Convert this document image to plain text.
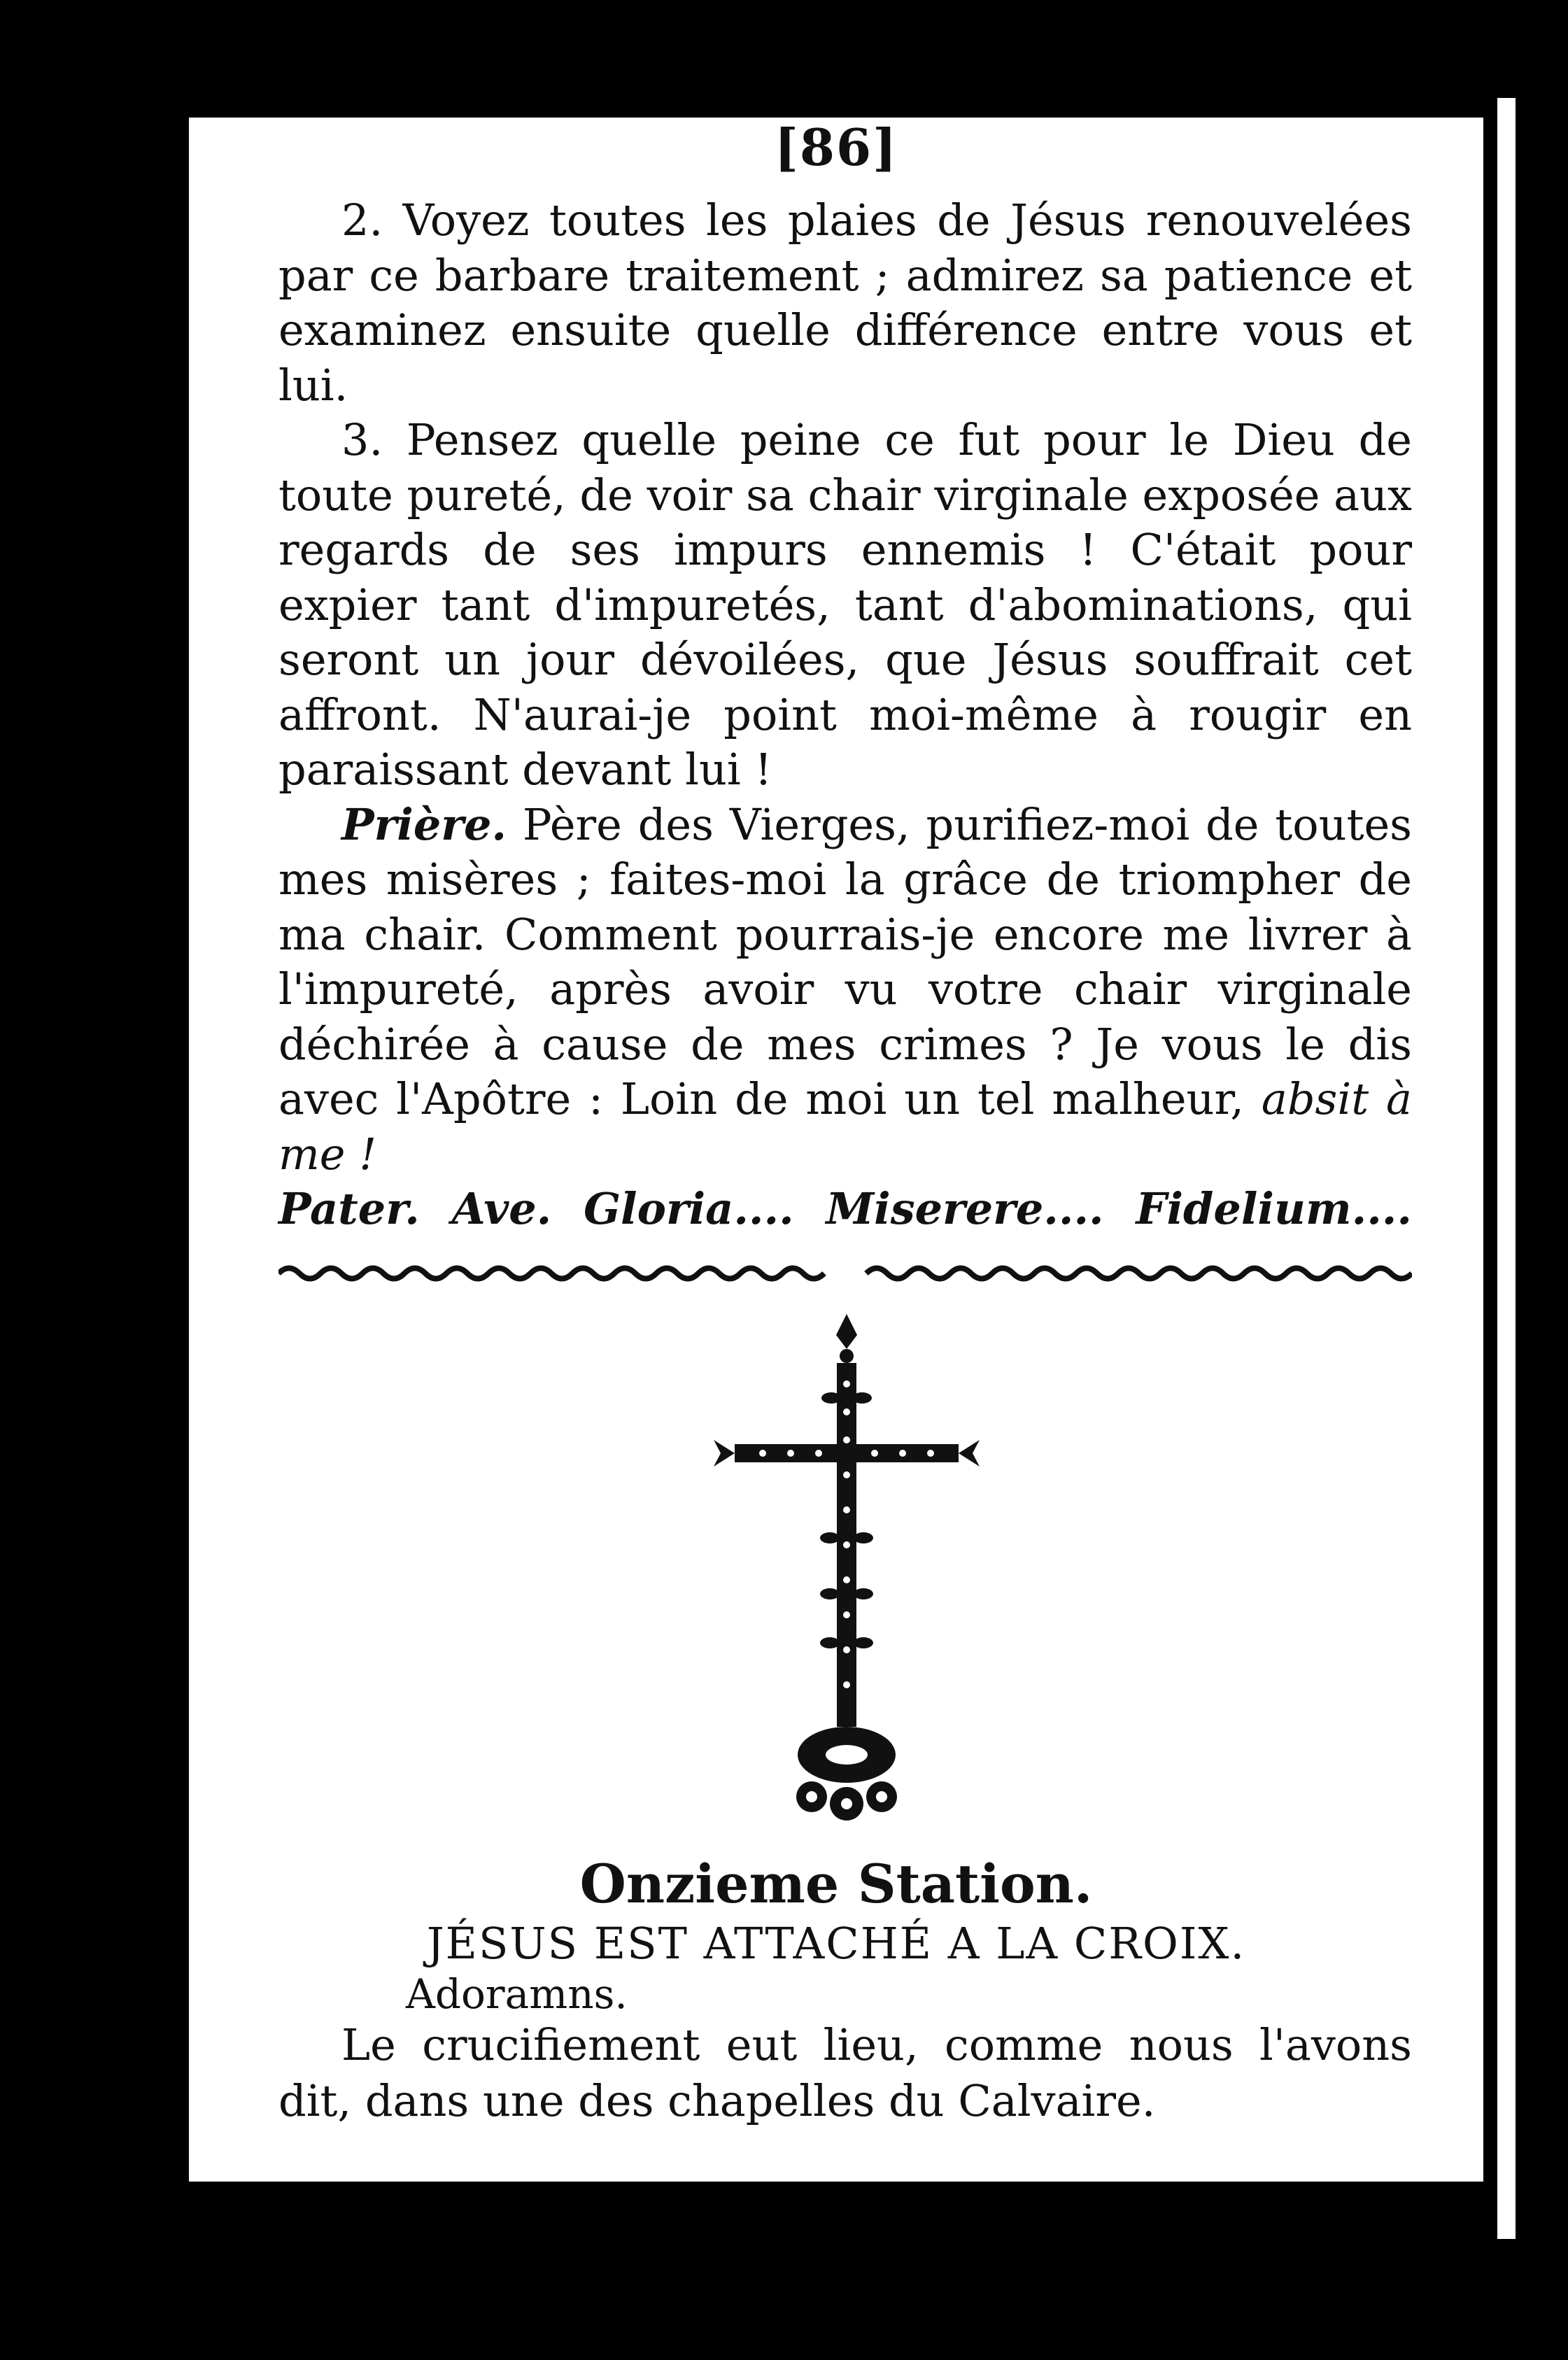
[86]

2. Voyez toutes les plaies de Jésus renouvelées par ce barbare traitement ; admirez sa patience et examinez ensuite quelle différence entre vous et lui.

3. Pensez quelle peine ce fut pour le Dieu de toute pureté, de voir sa chair virginale exposée aux regards de ses impurs ennemis ! C'était pour expier tant d'impuretés, tant d'abominations, qui seront un jour dévoilées, que Jésus souffrait cet affront. N'aurai-je point moi-même à rougir en paraissant devant lui !

Prière. Père des Vierges, purifiez-moi de toutes mes misères ; faites-moi la grâce de triompher de ma chair. Comment pourrais-je encore me livrer à l'impureté, après avoir vu votre chair virginale déchirée à cause de mes crimes ? Je vous le dis avec l'Apôtre : Loin de moi un tel malheur, absit à me !

Pater. Ave. Gloria.... Miserere.... Fidelium....
Onzieme Station.
JÉSUS EST ATTACHÉ A LA CROIX.
Adoramns.

Le crucifiement eut lieu, comme nous l'avons dit, dans une des chapelles du Calvaire.
